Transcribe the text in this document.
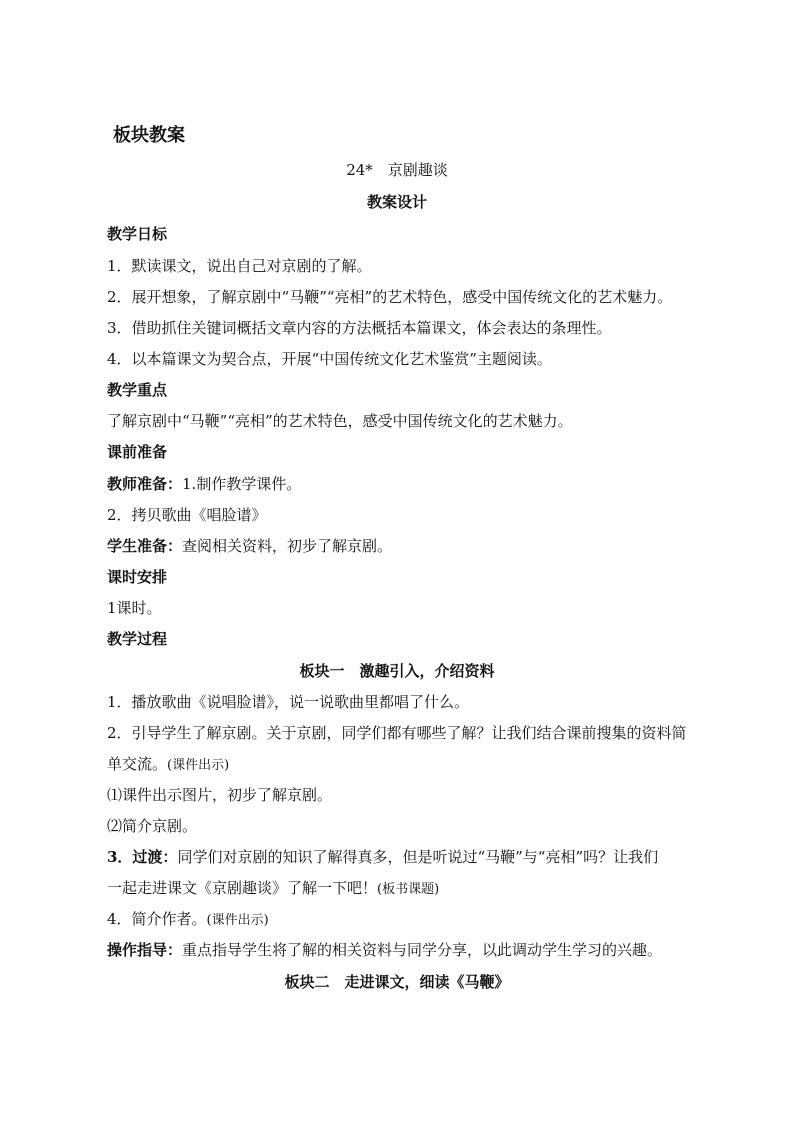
板块教案
24*　京剧趣谈
教案设计
教学日标
1．默读课文，说出自己对京剧的了解。
2．展开想象，了解京剧中“马鞭”“亮相”的艺术特色，感受中国传统文化的艺术魅力。
3．借助抓住关键词概括文章内容的方法概括本篇课文，体会表达的条理性。
4．以本篇课文为契合点，开展“中国传统文化艺术鉴赏”主题阅读。
教学重点
了解京剧中“马鞭”“亮相”的艺术特色，感受中国传统文化的艺术魅力。
课前准备
教师准备：1.制作教学课件。
2．拷贝歌曲《唱脸谱》
学生准备：查阅相关资料，初步了解京剧。
课时安排
1课时。
教学过程
板块一　激趣引入，介绍资料
1．播放歌曲《说唱脸谱》，说一说歌曲里都唱了什么。
2．引导学生了解京剧。关于京剧，同学们都有哪些了解？让我们结合课前搜集的资料简
单交流。(课件出示)
⑴课件出示图片，初步了解京剧。
⑵简介京剧。
3．过渡：同学们对京剧的知识了解得真多，但是听说过“马鞭”与“亮相”吗？让我们
一起走进课文《京剧趣谈》了解一下吧！(板书课题)
4．简介作者。(课件出示)
操作指导：重点指导学生将了解的相关资料与同学分享，以此调动学生学习的兴趣。
板块二　走进课文，细读《马鞭》
